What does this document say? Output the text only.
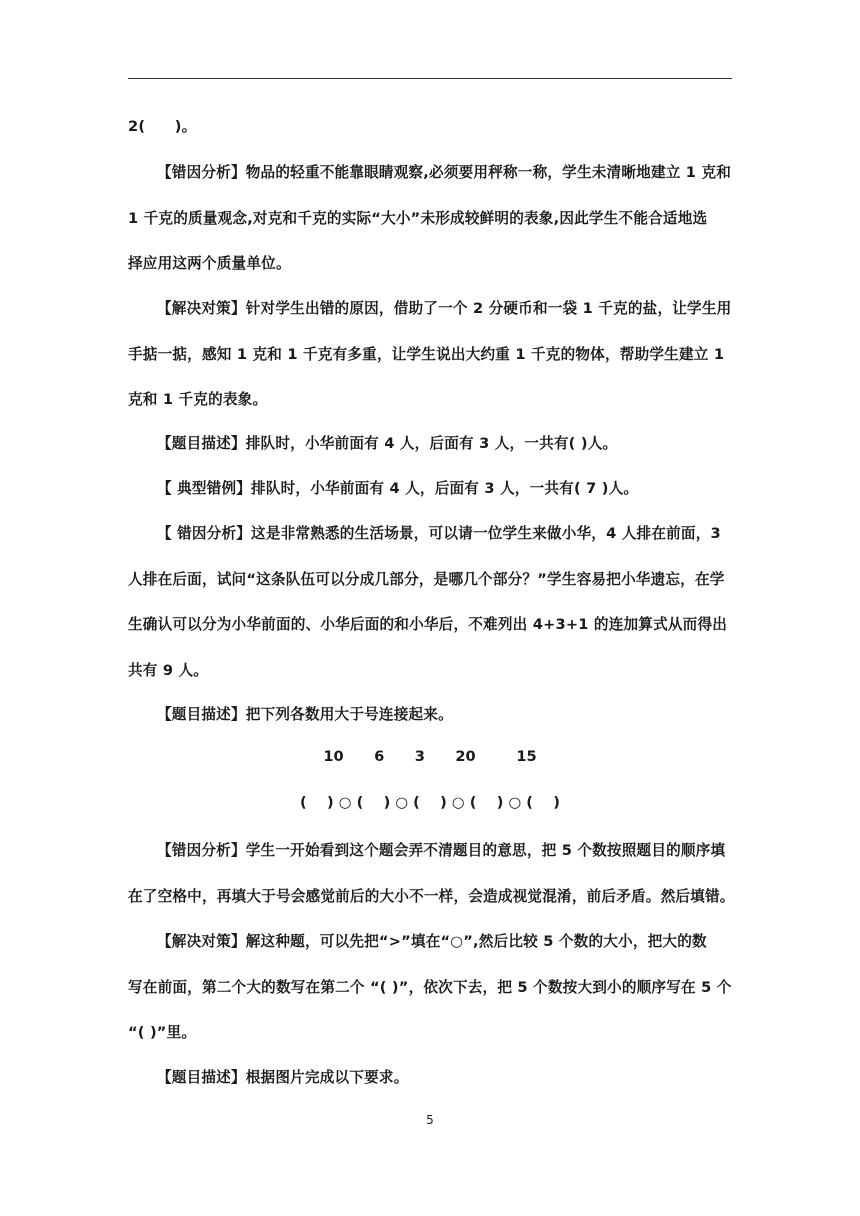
2(　　)。

【错因分析】物品的轻重不能靠眼睛观察,必须要用秤称一称，学生未清晰地建立 1 克和
1 千克的质量观念,对克和千克的实际“大小”未形成较鲜明的表象,因此学生不能合适地选
择应用这两个质量单位。

【解决对策】针对学生出错的原因，借助了一个 2 分硬币和一袋 1 千克的盐，让学生用
手掂一掂，感知 1 克和 1 千克有多重，让学生说出大约重 1 千克的物体，帮助学生建立 1
克和 1 千克的表象。

【题目描述】排队时，小华前面有 4 人，后面有 3 人，一共有( )人。

【 典型错例】排队时，小华前面有 4 人，后面有 3 人，一共有( 7 )人。

【 错因分析】这是非常熟悉的生活场景，可以请一位学生来做小华，4 人排在前面，3
人排在后面，试问“这条队伍可以分成几部分，是哪几个部分？”学生容易把小华遗忘，在学
生确认可以分为小华前面的、小华后面的和小华后，不难列出 4+3+1 的连加算式从而得出
共有 9 人。

【题目描述】把下列各数用大于号连接起来。

10      6      3      20        15
(    ) ○ (    ) ○ (    ) ○ (    ) ○ (    )

【错因分析】学生一开始看到这个题会弄不清题目的意思，把 5 个数按照题目的顺序填
在了空格中，再填大于号会感觉前后的大小不一样，会造成视觉混淆，前后矛盾。然后填错。

【解决对策】解这种题，可以先把“>”填在“○”,然后比较 5 个数的大小，把大的数
写在前面，第二个大的数写在第二个 “( )”，依次下去，把 5 个数按大到小的顺序写在 5 个
“( )”里。

【题目描述】根据图片完成以下要求。

5
